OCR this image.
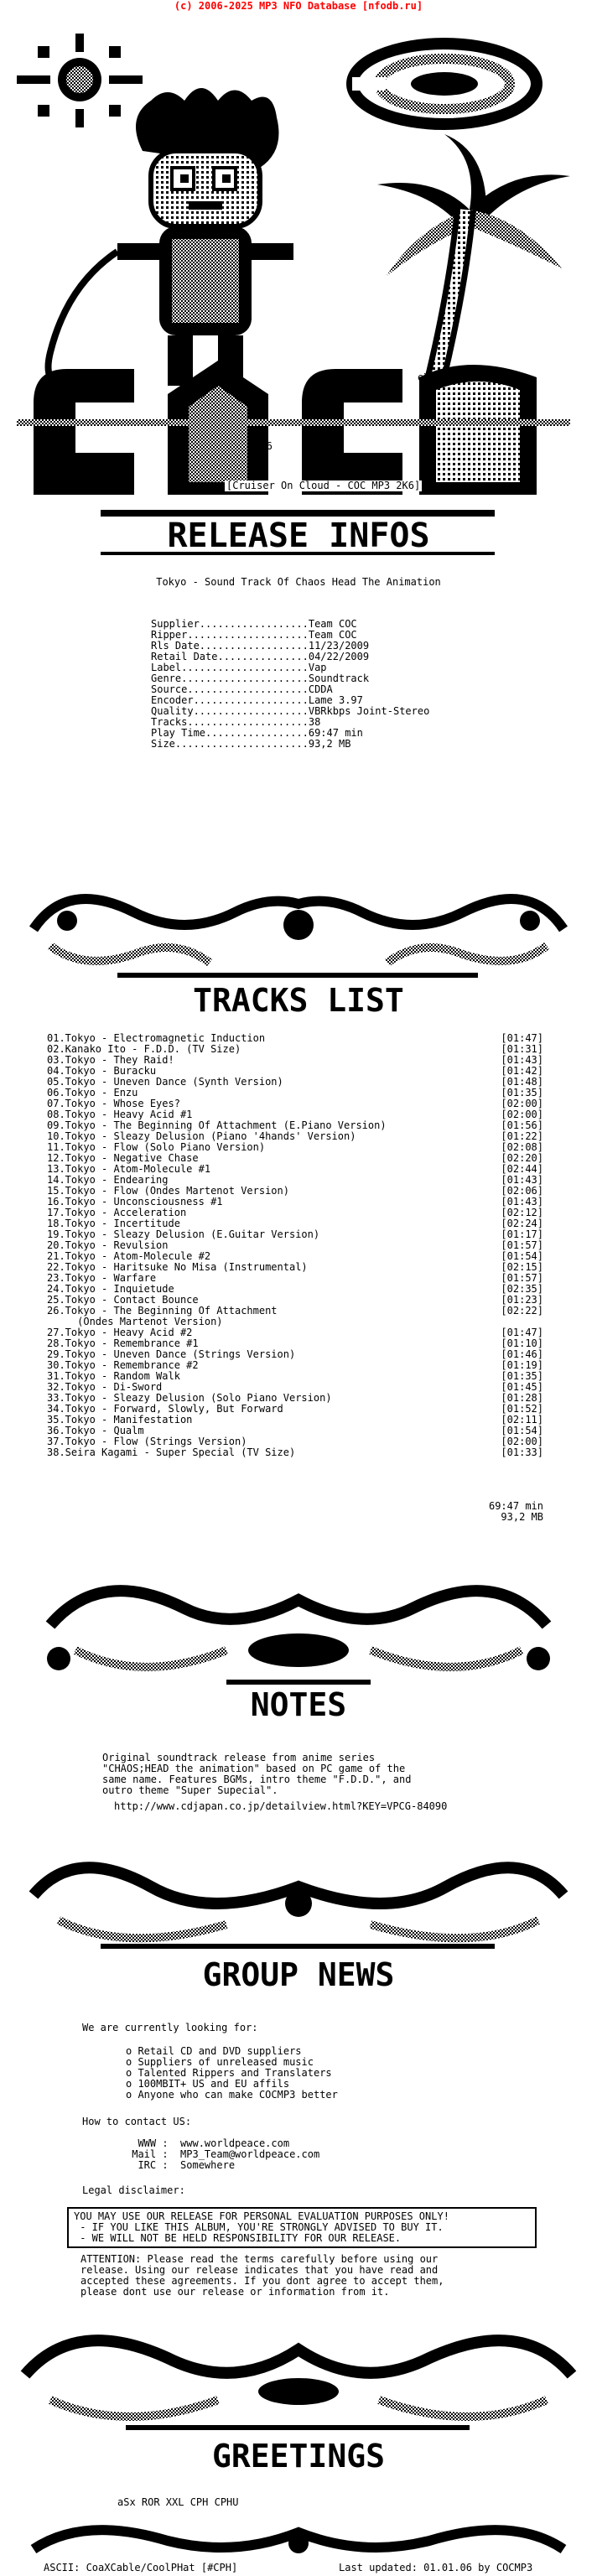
(c) 2006-2025 MP3 NFO Database [nfodb.ru]
eXc/CPH
2006
[Cruiser On Cloud - COC MP3 2K6]
RELEASE INFOS
Tokyo - Sound Track Of Chaos Head The Animation
Supplier..................Team COC
Ripper....................Team COC
Rls Date..................11/23/2009
Retail Date...............04/22/2009
Label.....................Vap
Genre.....................Soundtrack
Source....................CDDA
Encoder...................Lame 3.97
Quality...................VBRkbps Joint-Stereo
Tracks....................38
Play Time.................69:47 min
Size......................93,2 MB
TRACKS LIST
01.Tokyo - Electromagnetic Induction	[01:47]
02.Kanako Ito - F.D.D. (TV Size)	[01:31]
03.Tokyo - They Raid!	[01:43]
04.Tokyo - Buracku	[01:42]
05.Tokyo - Uneven Dance (Synth Version)	[01:48]
06.Tokyo - Enzu	[01:35]
07.Tokyo - Whose Eyes?	[02:00]
08.Tokyo - Heavy Acid #1	[02:00]
09.Tokyo - The Beginning Of Attachment (E.Piano Version)	[01:56]
10.Tokyo - Sleazy Delusion (Piano '4hands' Version)	[01:22]
11.Tokyo - Flow (Solo Piano Version)	[02:08]
12.Tokyo - Negative Chase	[02:20]
13.Tokyo - Atom-Molecule #1	[02:44]
14.Tokyo - Endearing	[01:43]
15.Tokyo - Flow (Ondes Martenot Version)	[02:06]
16.Tokyo - Unconsciousness #1	[01:43]
17.Tokyo - Acceleration	[02:12]
18.Tokyo - Incertitude	[02:24]
19.Tokyo - Sleazy Delusion (E.Guitar Version)	[01:17]
20.Tokyo - Revulsion	[01:57]
21.Tokyo - Atom-Molecule #2	[01:54]
22.Tokyo - Haritsuke No Misa (Instrumental)	[02:15]
23.Tokyo - Warfare	[01:57]
24.Tokyo - Inquietude	[02:35]
25.Tokyo - Contact Bounce	[01:23]
26.Tokyo - The Beginning Of Attachment	[02:22]
(Ondes Martenot Version)
27.Tokyo - Heavy Acid #2	[01:47]
28.Tokyo - Remembrance #1	[01:10]
29.Tokyo - Uneven Dance (Strings Version)	[01:46]
30.Tokyo - Remembrance #2	[01:19]
31.Tokyo - Random Walk	[01:35]
32.Tokyo - Di-Sword	[01:45]
33.Tokyo - Sleazy Delusion (Solo Piano Version)	[01:28]
34.Tokyo - Forward, Slowly, But Forward	[01:52]
35.Tokyo - Manifestation	[02:11]
36.Tokyo - Qualm	[01:54]
37.Tokyo - Flow (Strings Version)	[02:00]
38.Seira Kagami - Super Special (TV Size)	[01:33]
69:47 min
93,2 MB
NOTES
Original soundtrack release from anime series
"CHAOS;HEAD the animation" based on PC game of the
same name. Features BGMs, intro theme "F.D.D.", and
outro theme "Super Supecial".
http://www.cdjapan.co.jp/detailview.html?KEY=VPCG-84090
GROUP NEWS
We are currently looking for:
o Retail CD and DVD suppliers
o Suppliers of unreleased music
o Talented Rippers and Translaters
o 100MBIT+ US and EU affils
o Anyone who can make COCMP3 better
How to contact US:
WWW :  www.worldpeace.com
Mail :  MP3_Team@worldpeace.com
IRC :  Somewhere
Legal disclaimer:
YOU MAY USE OUR RELEASE FOR PERSONAL EVALUATION PURPOSES ONLY!
- IF YOU LIKE THIS ALBUM, YOU'RE STRONGLY ADVISED TO BUY IT.
- WE WILL NOT BE HELD RESPONSIBILITY FOR OUR RELEASE.
ATTENTION: Please read the terms carefully before using our
release. Using our release indicates that you have read and
accepted these agreements. If you dont agree to accept them,
please dont use our release or information from it.
GREETINGS
aSx ROR XXL CPH CPHU
ASCII: CoaXCable/CoolPHat [#CPH]	Last updated: 01.01.06 by COCMP3
